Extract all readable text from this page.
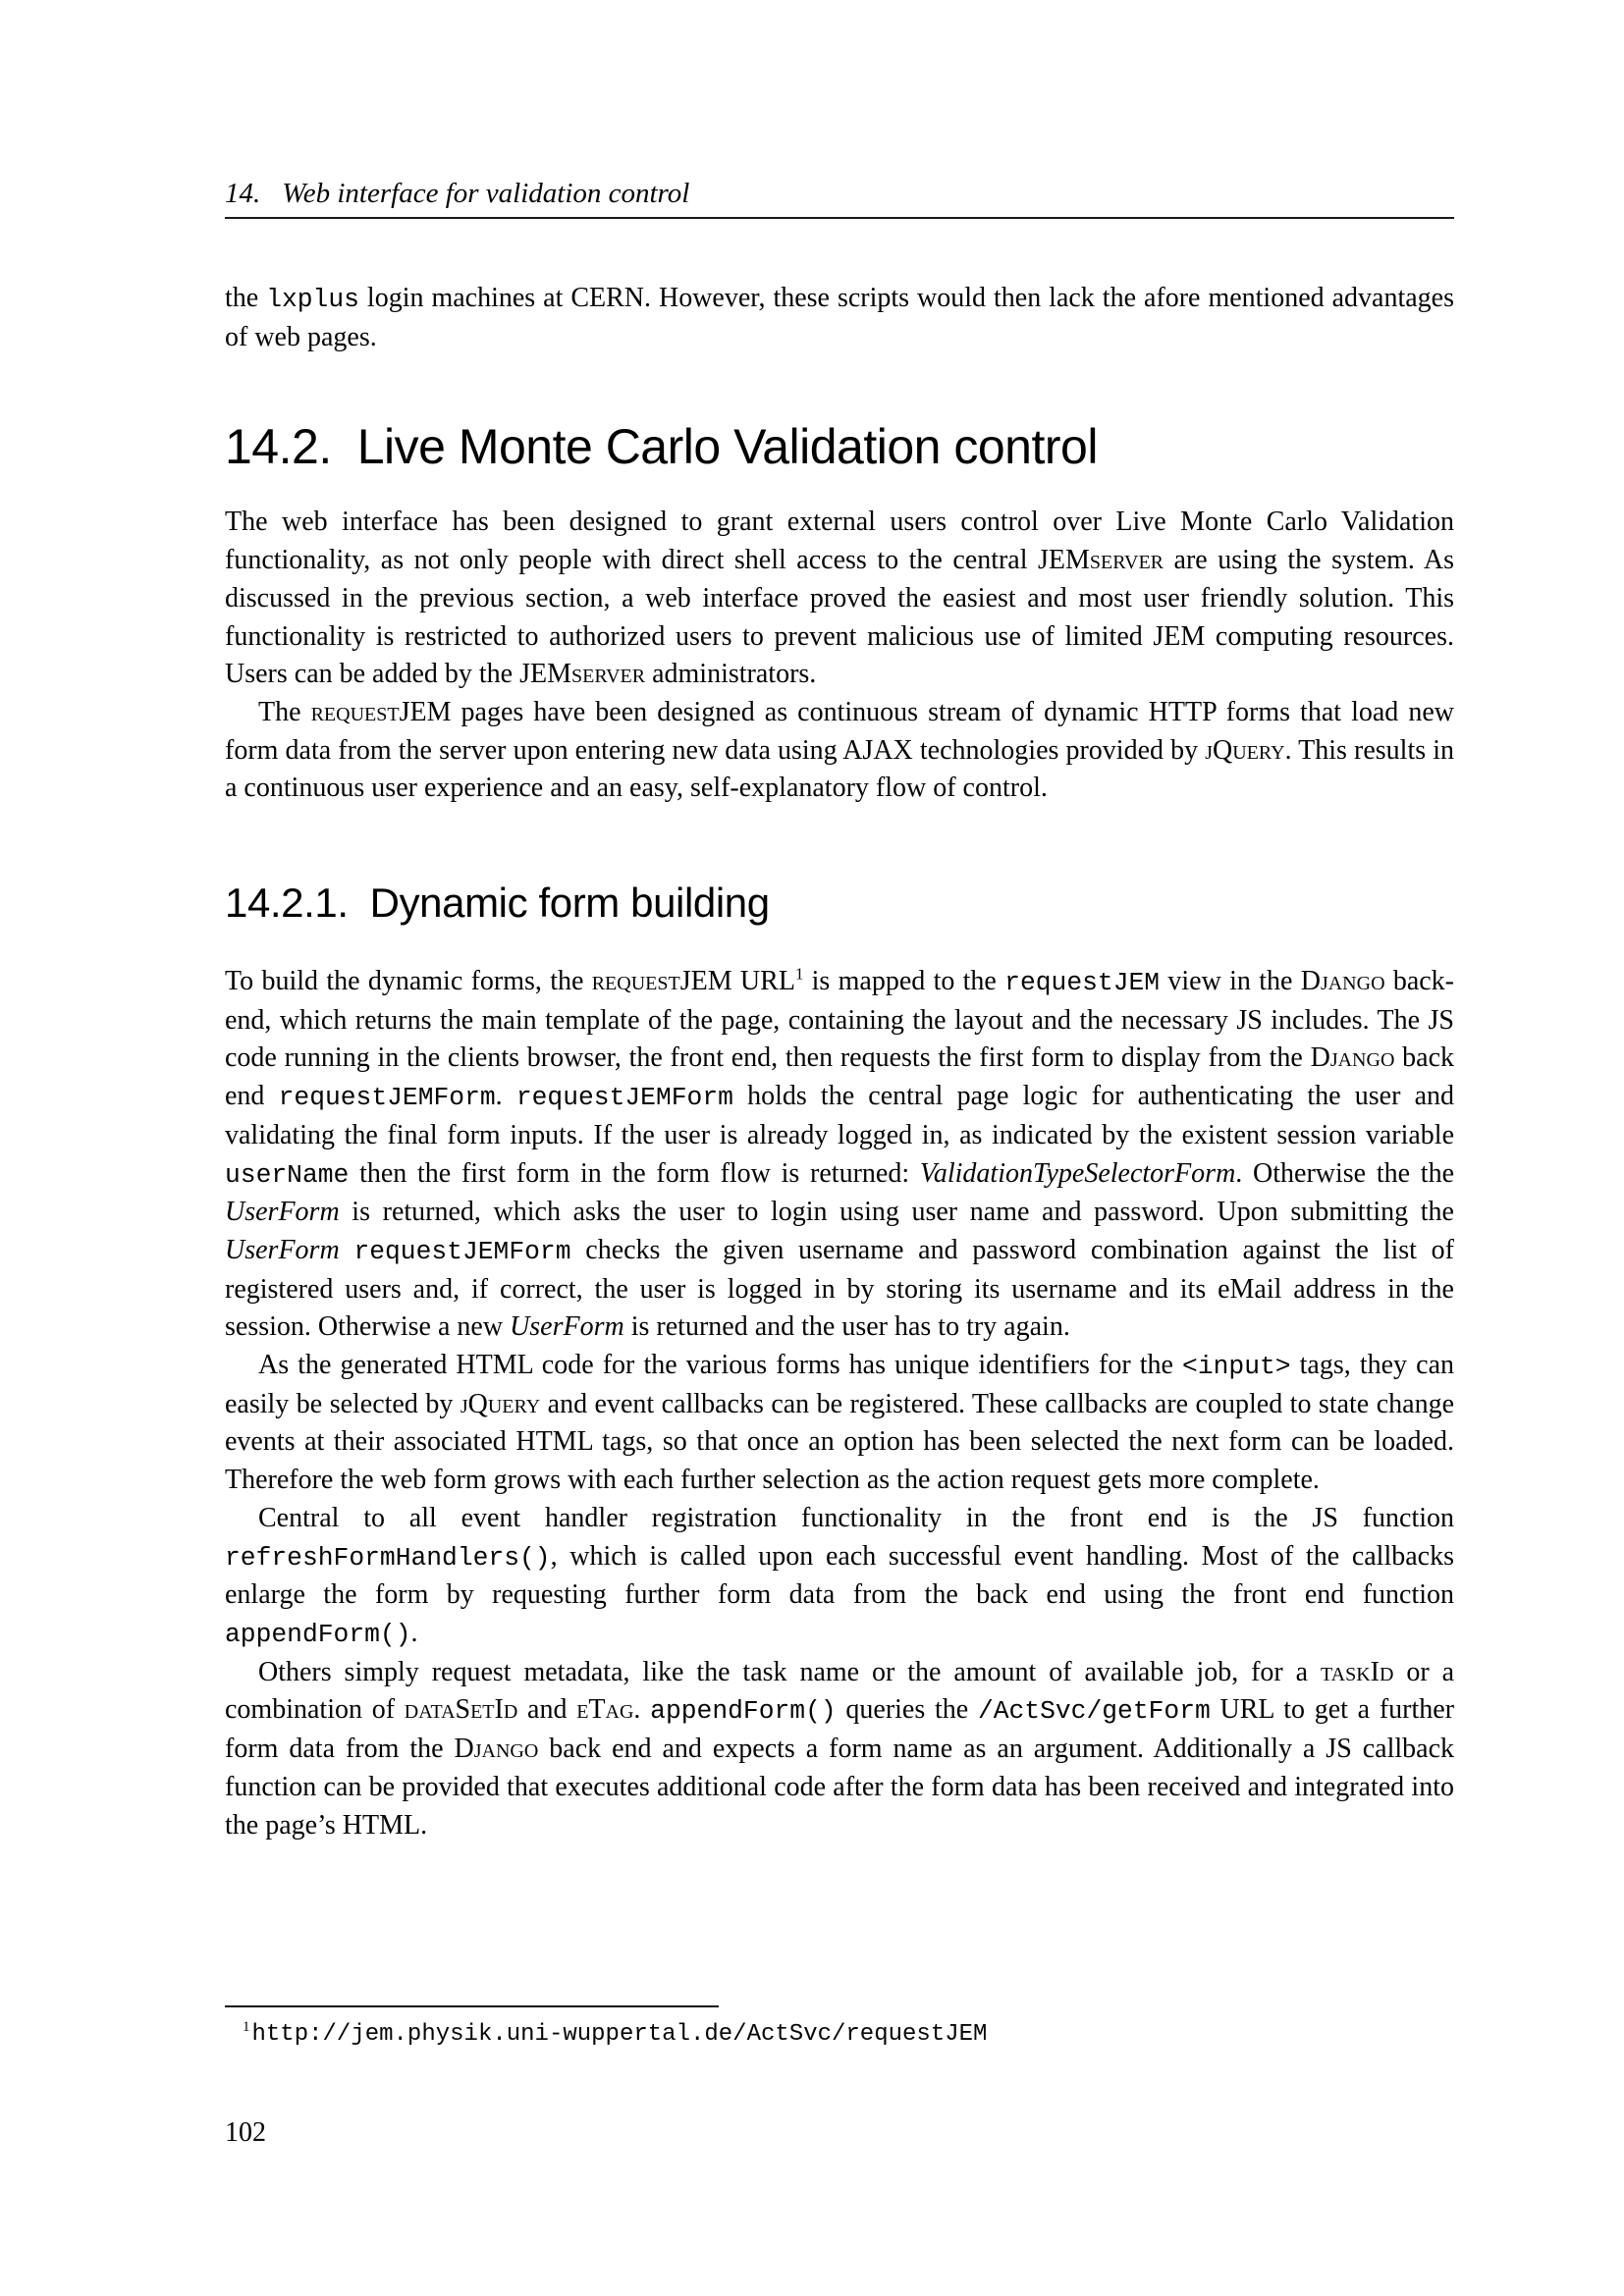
14. Web interface for validation control

the lxplus login machines at CERN. However, these scripts would then lack the afore mentioned advantages of web pages.

14.2. Live Monte Carlo Validation control

The web interface has been designed to grant external users control over Live Monte Carlo Validation functionality, as not only people with direct shell access to the central JEMserver are using the system. As discussed in the previous section, a web interface proved the easiest and most user friendly solution. This functionality is restricted to authorized users to prevent malicious use of limited JEM computing resources. Users can be added by the JEMserver administrators.

The requestJEM pages have been designed as continuous stream of dynamic HTTP forms that load new form data from the server upon entering new data using AJAX technologies provided by jQuery. This results in a continuous user experience and an easy, self-explanatory flow of control.

14.2.1. Dynamic form building

To build the dynamic forms, the requestJEM URL$^1$ is mapped to the requestJEM view in the Django back-end, which returns the main template of the page, containing the layout and the necessary JS includes. The JS code running in the clients browser, the front end, then requests the first form to display from the Django back end requestJEMForm. requestJEMForm holds the central page logic for authenticating the user and validating the final form inputs. If the user is already logged in, as indicated by the existent session variable userName then the first form in the form flow is returned: ValidationTypeSelectorForm. Otherwise the the UserForm is returned, which asks the user to login using user name and password. Upon submitting the UserForm requestJEMForm checks the given username and password combination against the list of registered users and, if correct, the user is logged in by storing its username and its eMail address in the session. Otherwise a new UserForm is returned and the user has to try again.

As the generated HTML code for the various forms has unique identifiers for the <input> tags, they can easily be selected by jQuery and event callbacks can be registered. These callbacks are coupled to state change events at their associated HTML tags, so that once an option has been selected the next form can be loaded. Therefore the web form grows with each further selection as the action request gets more complete.

Central to all event handler registration functionality in the front end is the JS function refreshFormHandlers(), which is called upon each successful event handling. Most of the callbacks enlarge the form by requesting further form data from the back end using the front end function appendForm().

Others simply request metadata, like the task name or the amount of available job, for a taskId or a combination of dataSetId and eTag. appendForm() queries the /ActSvc/getForm URL to get a further form data from the Django back end and expects a form name as an argument. Additionally a JS callback function can be provided that executes additional code after the form data has been received and integrated into the page’s HTML.

$^1$http://jem.physik.uni-wuppertal.de/ActSvc/requestJEM
102
